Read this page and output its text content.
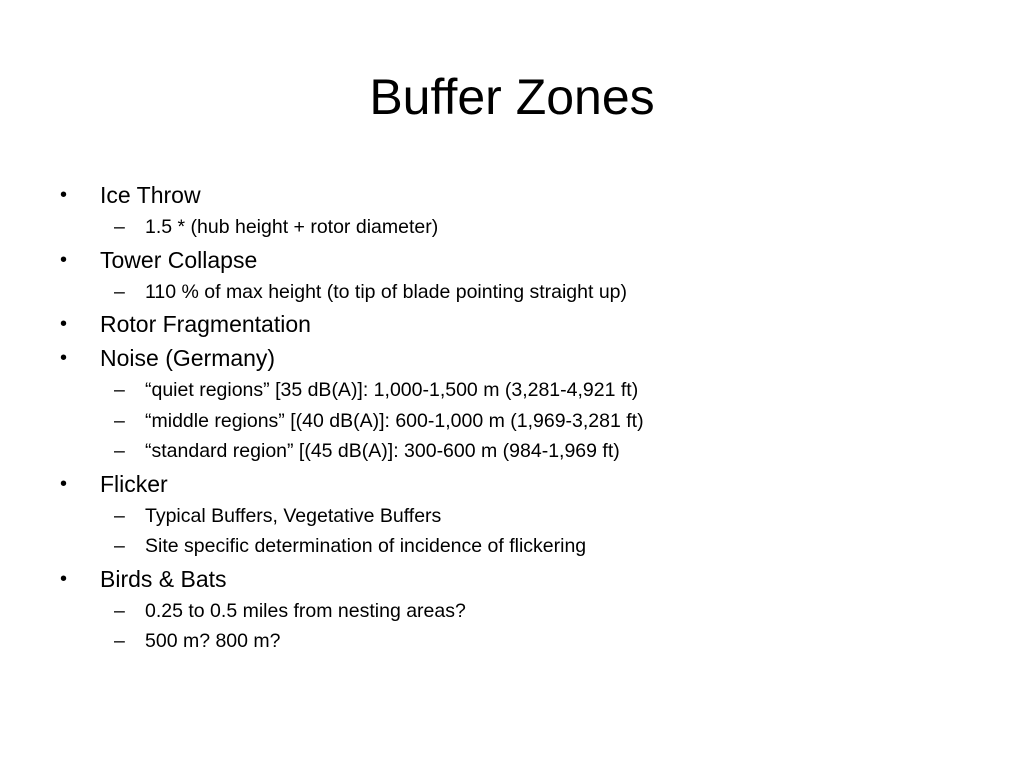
Buffer Zones
•	Ice Throw
– 1.5 * (hub height + rotor diameter)
•	Tower Collapse
– 110 % of max height (to tip of blade pointing straight up)
•	Rotor Fragmentation
•	Noise (Germany)
– “quiet regions” [35 dB(A)]: 1,000-1,500 m (3,281-4,921 ft)
– “middle regions” [(40 dB(A)]: 600-1,000 m (1,969-3,281 ft)
– “standard region” [(45 dB(A)]: 300-600 m (984-1,969 ft)
•	Flicker
– Typical Buffers, Vegetative Buffers
– Site specific determination of incidence of flickering
•	Birds & Bats
– 0.25 to 0.5 miles from nesting areas?
– 500 m? 800 m?
